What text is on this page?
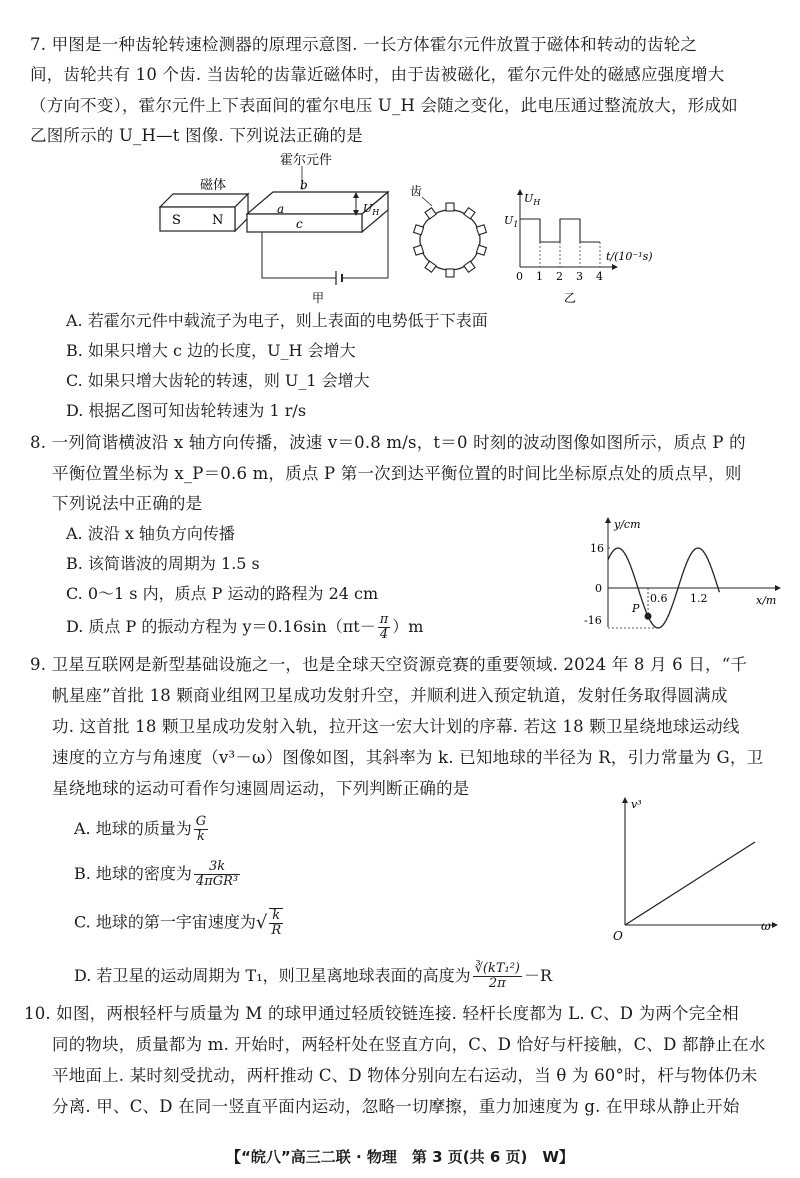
7. 甲图是一种齿轮转速检测器的原理示意图. 一长方体霍尔元件放置于磁体和转动的齿轮之
间，齿轮共有 10 个齿. 当齿轮的齿靠近磁体时，由于齿被磁化，霍尔元件处的磁感应强度增大
（方向不变），霍尔元件上下表面间的霍尔电压 U_H 会随之变化，此电压通过整流放大，形成如
乙图所示的 U_H—t 图像. 下列说法正确的是
S N
磁体
霍尔元件
b
a
c
$U_H$
甲
齿
$U_H$
$U_1$
0 1 2 3 4
t/(10⁻¹s)
乙
A. 若霍尔元件中载流子为电子，则上表面的电势低于下表面
B. 如果只增大 c 边的长度，U_H 会增大
C. 如果只增大齿轮的转速，则 U_1 会增大
D. 根据乙图可知齿轮转速为 1 r/s
8. 一列简谐横波沿 x 轴方向传播，波速 v＝0.8 m/s，t＝0 时刻的波动图像如图所示，质点 P 的
平衡位置坐标为 x_P＝0.6 m，质点 P 第一次到达平衡位置的时间比坐标原点处的质点早，则
下列说法中正确的是
A. 波沿 x 轴负方向传播
B. 该简谐波的周期为 1.5 s
C. 0～1 s 内，质点 P 运动的路程为 24 cm
D. 质点 P 的振动方程为 $y=0.16\sin(\pi t- \frac{\pi}{4} )m$
y/cm
x/m
16
0
-16
0.6 1.2
P
9. 卫星互联网是新型基础设施之一，也是全球天空资源竞赛的重要领域. 2024 年 8 月 6 日，“千
帆星座”首批 18 颗商业组网卫星成功发射升空，并顺利进入预定轨道，发射任务取得圆满成
功. 这首批 18 颗卫星成功发射入轨，拉开这一宏大计划的序幕. 若这 18 颗卫星绕地球运动线
速度的立方与角速度（v³－ω）图像如图，其斜率为 k. 已知地球的半径为 R，引力常量为 G，卫
星绕地球的运动可看作匀速圆周运动，下列判断正确的是
A. 地球的质量为 $\frac{G}{k}$
B. 地球的密度为 $\frac{3k}{\text{4πGR³}}$
C. 地球的第一宇宙速度为√ $\frac{k}{R}$
D. 若卫星的运动周期为 T₁，则卫星离地球表面的高度为 $\frac{\text{∛(kT₁²)}}{2\pi} -R$
v³
ω
O
10. 如图，两根轻杆与质量为 M 的球甲通过轻质铰链连接. 轻杆长度都为 L. C、D 为两个完全相
同的物块，质量都为 m. 开始时，两轻杆处在竖直方向，C、D 恰好与杆接触，C、D 都静止在水
平地面上. 某时刻受扰动，两杆推动 C、D 物体分别向左右运动，当 θ 为 60°时，杆与物体仍未
分离. 甲、C、D 在同一竖直平面内运动，忽略一切摩擦，重力加速度为 g. 在甲球从静止开始
【“皖八”高三二联 · 物理　第 3 页(共 6 页)　W】
